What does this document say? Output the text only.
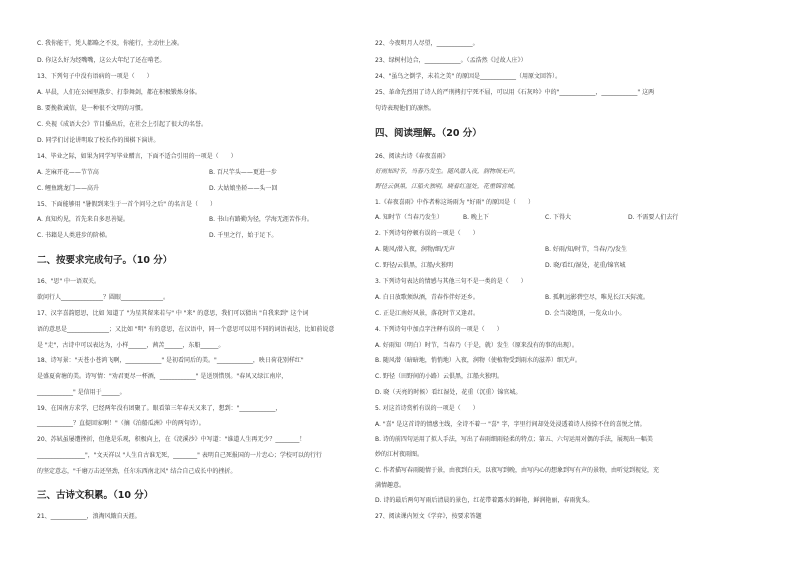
C. 我你能干，凭人都略之不及，你能行，主动往上凑。
D. 你这么好为经嘴嘴，这公大年纪了还在啃老。
13、下列句子中没有语病的一项是（　　）
A. 早晨，人们在公园里散步、打拳舞剑，都在积极锻炼身体。
B. 要挽救诚信，是一种很不文明的习惯。
C. 央视《成语大会》节目播出后，在社会上引起了很大的名誉。
D. 同学们讨论讲明取了校长作的围棋下演讲。
14、毕业之际，如果为同学写毕业赠言，下面不适合引用的一项是（　　）
A. 芝麻开花——节节高	B. 百尺竿头——更进一步
C. 鲤鱼跳龙门——高升	D. 大姑娘坐轿——头一回
15、下面能够用 "暑假到来生于一首个问号之后" 的名言是（　　）
A. 真知灼见，首先来自多思善疑。	B. 书山有路勤为径，学海无涯苦作舟。
C. 书籍是人类进步的阶梯。	D. 千里之行，始于足下。
二、按要求完成句子。（10 分）
16、"思" 中一语双关。
欲问行人______________？圆眼______________。
17、汉字喜韵愿思，比如 知道了 "为星其留来若与" 中 "来" 的意思，我们可以猜出 "自我来到" 这个词
语的意思是______________；又比如 "明" 有的意思，在汉语中，同一个意思可以用不同的词语表达，比如前说意
是 "走"，古诗中可以表达为，小样______，茜苦______，东船______。
18、诗写景："天苍小苍鸿飞啊，____________" 是初看同后的美。"____________，映日荷花别样红"
是盛夏荷塘的美。诗写情："劝君更尽一杯酒，____________" 是送别惜别。"春风又绿江南岸，
____________" 是信用于______。
19、在国南方求学，已经两年没有团聚了。眼看第三年春天又来了，想到："____________，
____________？直提回家啊！"（摘《泊船瓜洲》中的两句诗）。
20、苏轼虽屡遭挫折，但他是乐观，积极向上，在《浣溪沙》中写道："谁道人生再无少？________！
________________"，"文天祥以 "人生自古谁无死，________" 表明自己死报国的一片忠心；学校可以的行行
的坚定意志，"千磨万击还坚劲，任尔东西南北风" 结合自己成长中的挫折。
三、古诗文积累。（10 分）
21、____________，浪淘风簸自天涯。
22、今夜明月人尽望，____________。
23、绿树村边合，____________。（孟浩然《过故人庄》）
24、"虽鸟之倒学，未若之美" 的原因是____________（用原文回答）。
25、革命先烈用了诗人的严刑拷打宁死不屈，可以用《石灰吟》中的"____________，____________" 这两
句诗表现他们的凛然。
四、阅读理解。（20 分）
26、阅读古诗《春夜喜雨》
好雨知时节，当春乃发生。随风潜入夜，润物细无声。
野径云俱黑，江船火独明。晓看红湿处，花重锦官城。
1.《春夜喜雨》中作者称这场雨为 "好雨" 的原因是（　　）
A. 知时节（当春乃发生）	B. 晚上下	C. 下得大	D. 不需要人们去行
2. 下列诗句停顿有误的一项是（　　）
A. 随风/潜入夜，润物/细/无声	B. 好雨/知/时节，当春/乃/发生
C. 野径/云俱黑，江船/火独明	D. 晓/看红/湿处，花重/锦官城
3. 下列诗句表达的情感与其他三句不是一类的是（　　）
A. 白日放歌须纵酒，青春作伴好还乡。	B. 孤帆远影碧空尽，唯见长江天际流。
C. 正是江南好风景，落花时节又逢君。	D. 会当凌绝顶，一览众山小。
4. 下列诗句中加点字注释有误的一项是（　　）
A. 好雨知（明白）时节，当春乃（于是，就）发生（原来没有的事的出现）。
B. 随风潜（暗暗地，悄悄地）入夜，润物（使植物受到雨水的滋养）细无声。
C. 野径（田野间的小路）云俱黑，江船火独明。
D. 晓（天亮的时候）看红湿处，花重（沉重）锦官城。
5. 对这首诗赏析有误的一项是（　　）
A. "喜" 是这首诗的情感主线，全诗不着一 "喜" 字，字里行间却处处浸透着诗人按捺不住的喜悦之情。
B. 诗的前四句运用了拟人手法，写出了春雨细雨轻柔的特点；第五、六句运用对偶的手法，展现出一幅美
妙的江村夜雨图。
C. 作者描写春雨随情于景，由夜到白天，以夜写到晚，由写内心的想象到写有声的景物，由听觉到视觉，充
满情趣意。
D. 诗的最后两句写雨后清晨的景色，红花带着露水的鲜艳，鲜润艳丽，春雨犹头。
27、阅读课内短文《学弈》，按要求答题
